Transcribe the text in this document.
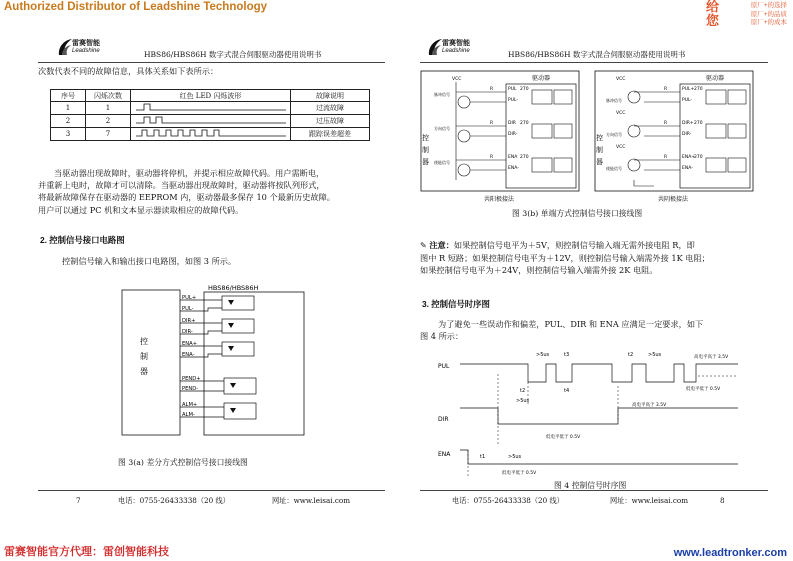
Authorized Distributor of Leadshine Technology	给
您
原厂+的选择
原厂+的品质
原厂+的成本
雷赛智能
Leadshine	HBS86/HBS86H 数字式混合伺服驱动器使用说明书
次数代表不同的故障信息，具体关系如下表所示：
序号	闪烁次数	红色 LED 闪烁波形	故障说明
1	1		过流故障
2	2		过压故障
3	7		跟踪误差超差
当驱动器出现故障时，驱动器将停机，并提示相应故障代码。用户需断电，
并重新上电时，故障才可以清除。当驱动器出现故障时，驱动器将按队列形式，
将最新故障保存在驱动器的 EEPROM 内，驱动器最多保存 10 个最新历史故障。
用户可以通过 PC 机和文本显示器读取相应的故障代码。
2. 控制信号接口电路图
控制信号输入和输出接口电路图，如图 3 所示。
控
制
器
HBS86/HBS86H
PUL+
PUL-
DIR+
DIR-
ENA+
ENA-
PEND+
PEND-
ALM+
ALM-
图 3(a) 差分方式控制信号接口接线图
7	电话：0755-26433338（20 线）	网址：www.leisai.com
雷赛智能
Leadshine	HBS86/HBS86H 数字式混合伺服驱动器使用说明书
控
制
器
VCC
脉冲信号
方向信号
使能信号
驱动器
R
R
R
270
270
270
PUL
PUL-
DIR
DIR-
ENA
ENA-
共阳极接法
控
制
器
VCC
VCC
VCC
脉冲信号
方向信号
使能信号
驱动器
R
R
R
270
270
270
PUL+
PUL-
DIR+
DIR-
ENA+
ENA-
共阴极接法
图 3(b) 单端方式控制信号接口接线图
✎ 注意：如果控制信号电平为＋5V，则控制信号输入端无需外接电阻 R，即
图中 R 短路；如果控制信号电平为＋12V，则控制信号输入端需外接 1K 电阻；
如果控制信号电平为＋24V，则控制信号输入端需外接 2K 电阻。
3. 控制信号时序图
为了避免一些误动作和偏差，PUL、DIR 和 ENA 应满足一定要求，如下
图 4 所示：
PUL
DIR
ENA
t3
>5us	t2	>5us
t2
>5us
t4
高电平高于 3.5V
低电平低于 0.5V
高电平高于 3.5V
低电平低于 0.5V
t1	>5us
低电平低于 0.5V
图 4 控制信号时序图
电话：0755-26433338（20 线）	网址：www.leisai.com	8
雷赛智能官方代理：雷创智能科技	www.leadtronker.com
